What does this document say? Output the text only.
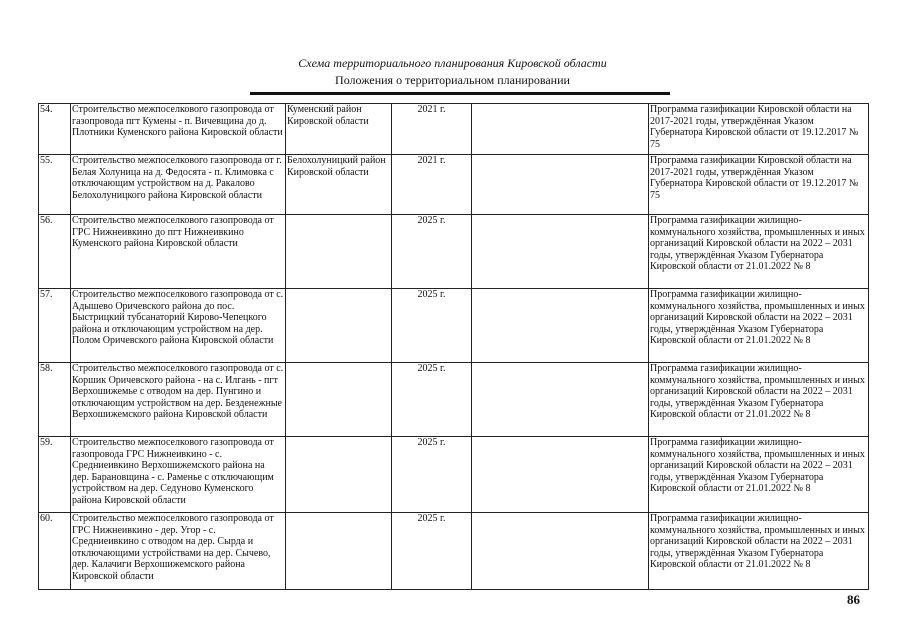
Схема территориального планирования Кировской области
Положения о территориальном планировании
54.	Строительство межпоселкового газопровода от газопровода пгт Кумены - п. Вичевщина до д. Плотники Куменского района Кировской области	Куменский район Кировской области	2021 г.		Программа газификации Кировской области на 2017-2021 годы, утверждённая Указом Губернатора Кировской области от 19.12.2017 № 75
55.	Строительство межпоселкового газопровода от г. Белая Холуница на д. Федосята - п. Климовка с отключающим устройством на д. Ракалово Белохолуницкого района Кировской области	Белохолуницкий район Кировской области	2021 г.		Программа газификации Кировской области на 2017-2021 годы, утверждённая Указом Губернатора Кировской области от 19.12.2017 № 75
56.	Строительство межпоселкового газопровода от ГРС Нижнеивкино до пгт Нижнеивкино Куменского района Кировской области		2025 г.		Программа газификации жилищно-коммунального хозяйства, промышленных и иных организаций Кировской области на 2022 – 2031 годы, утверждённая Указом Губернатора Кировской области от 21.01.2022 № 8
57.	Строительство межпоселкового газопровода от с. Адышево Оричевского района до пос. Быстрицкий тубсанаторий Кирово-Чепецкого района и отключающим устройством на дер. Полом Оричевского района Кировской области		2025 г.		Программа газификации жилищно-коммунального хозяйства, промышленных и иных организаций Кировской области на 2022 – 2031 годы, утверждённая Указом Губернатора Кировской области от 21.01.2022 № 8
58.	Строительство межпоселкового газопровода от с. Коршик Оричевского района - на с. Илгань - пгт Верхошижемье с отводом на дер. Пунгино и отключающим устройством на дер. Безденежные Верхошижемского района Кировской области		2025 г.		Программа газификации жилищно-коммунального хозяйства, промышленных и иных организаций Кировской области на 2022 – 2031 годы, утверждённая Указом Губернатора Кировской области от 21.01.2022 № 8
59.	Строительство межпоселкового газопровода от газопровода ГРС Нижнеивкино - с. Средниеивкино Верхошижемского района на дер. Барановщина - с. Раменье с отключающим устройством на дер. Седуново Куменского района Кировской области		2025 г.		Программа газификации жилищно-коммунального хозяйства, промышленных и иных организаций Кировской области на 2022 – 2031 годы, утверждённая Указом Губернатора Кировской области от 21.01.2022 № 8
60.	Строительство межпоселкового газопровода от ГРС Нижнеивкино - дер. Угор - с. Средниеивкино с отводом на дер. Сырда и отключающими устройствами на дер. Сычево, дер. Калачиги Верхошижемского района Кировской области		2025 г.		Программа газификации жилищно-коммунального хозяйства, промышленных и иных организаций Кировской области на 2022 – 2031 годы, утверждённая Указом Губернатора Кировской области от 21.01.2022 № 8
86
